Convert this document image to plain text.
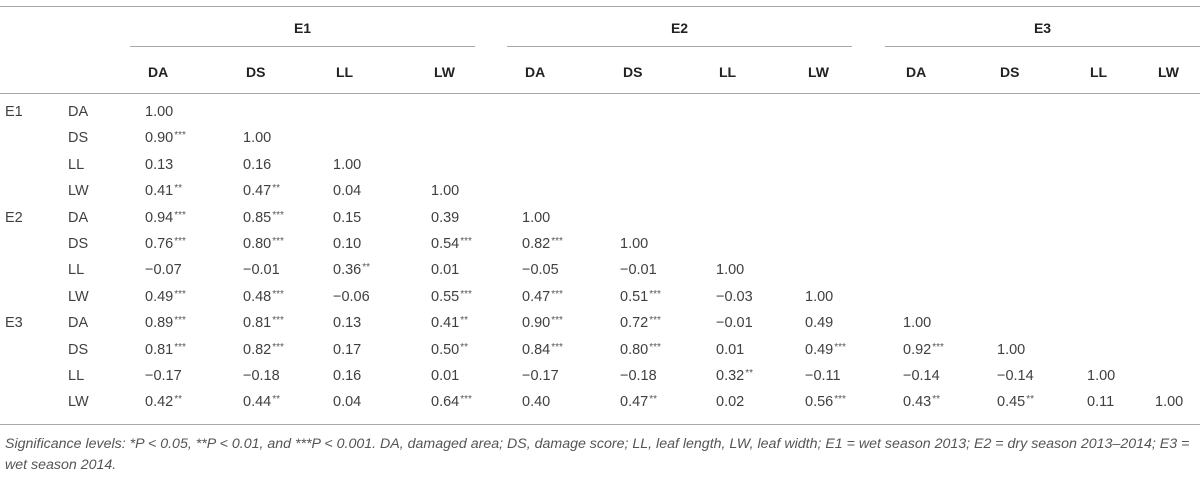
E1	E2	E3
DA	DS	LL	LW	DA	DS	LL	LW	DA	DS	LL	LW
E1	DA	1.00
DS	0.90***	1.00
LL	0.13	0.16	1.00
LW	0.41**	0.47**	0.04	1.00
E2	DA	0.94***	0.85***	0.15	0.39	1.00
DS	0.76***	0.80***	0.10	0.54***	0.82***	1.00
LL	−0.07	−0.01	0.36**	0.01	−0.05	−0.01	1.00
LW	0.49***	0.48***	−0.06	0.55***	0.47***	0.51***	−0.03	1.00
E3	DA	0.89***	0.81***	0.13	0.41**	0.90***	0.72***	−0.01	0.49	1.00
DS	0.81***	0.82***	0.17	0.50**	0.84***	0.80***	0.01	0.49***	0.92***	1.00
LL	−0.17	−0.18	0.16	0.01	−0.17	−0.18	0.32**	−0.11	−0.14	−0.14	1.00
LW	0.42**	0.44**	0.04	0.64***	0.40	0.47**	0.02	0.56***	0.43**	0.45**	0.11	1.00
Significance levels: *P < 0.05, **P < 0.01, and ***P < 0.001. DA, damaged area; DS, damage score; LL, leaf length, LW, leaf width; E1 = wet season 2013; E2 = dry season 2013–2014; E3 = wet season 2014.
